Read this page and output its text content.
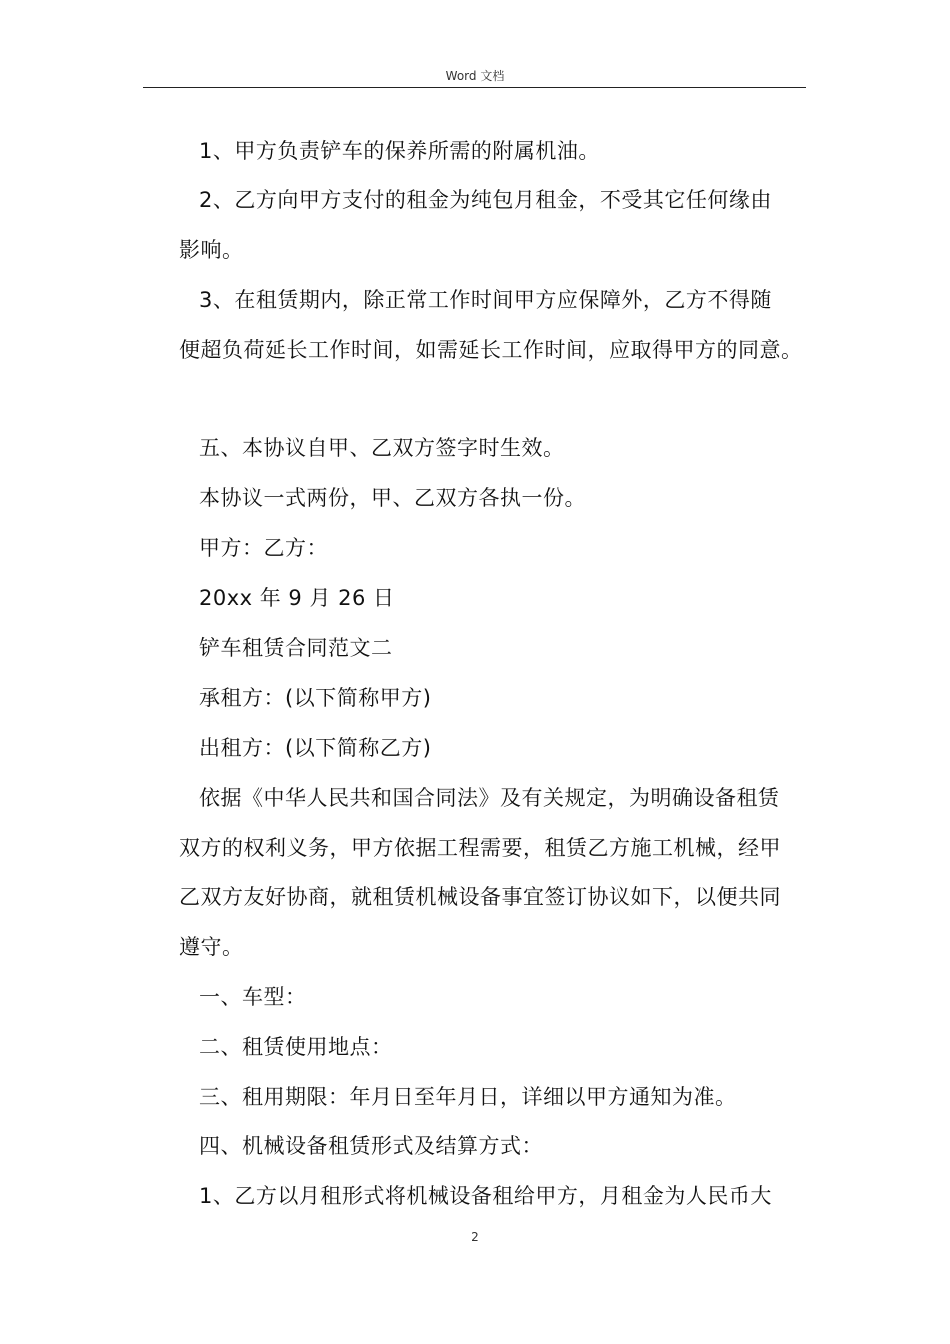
Word 文档
1、甲方负责铲车的保养所需的附属机油。
2、乙方向甲方支付的租金为纯包月租金，不受其它任何缘由
影响。
3、在租赁期内，除正常工作时间甲方应保障外，乙方不得随
便超负荷延长工作时间，如需延长工作时间，应取得甲方的同意。
五、本协议自甲、乙双方签字时生效。
本协议一式两份，甲、乙双方各执一份。
甲方：乙方：
20xx 年 9 月 26 日
铲车租赁合同范文二
承租方：(以下简称甲方)
出租方：(以下简称乙方)
依据《中华人民共和国合同法》及有关规定，为明确设备租赁
双方的权利义务，甲方依据工程需要，租赁乙方施工机械，经甲
乙双方友好协商，就租赁机械设备事宜签订协议如下，以便共同
遵守。
一、车型：
二、租赁使用地点：
三、租用期限：年月日至年月日，详细以甲方通知为准。
四、机械设备租赁形式及结算方式：
1、乙方以月租形式将机械设备租给甲方，月租金为人民币大
2
